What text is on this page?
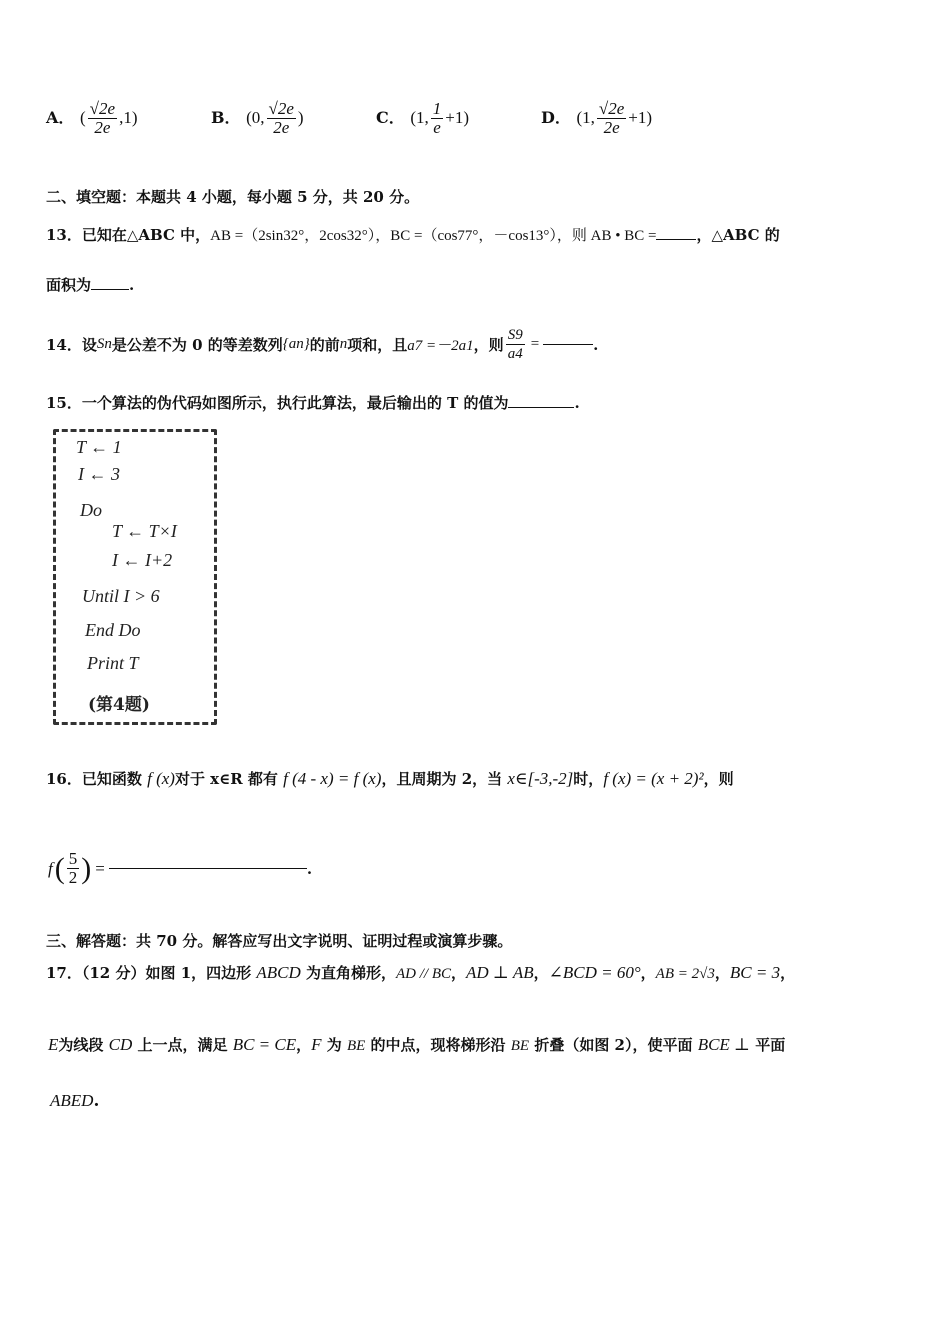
A． ( $\frac{√2e}{2e} ,1$)	B． (0, $\frac{√2e}{2e}$ )	C． (1, $\frac{1}{e} +1$)	D． (1, $\frac{√2e}{2e} +1$)
二、填空题：本题共 4 小题，每小题 5 分，共 20 分。
13．已知在△ABC 中，AB =（2sin32°，2cos32°），BC =（cos77°，－cos13°），则 AB • BC =	，△ABC 的
面积为	.
14．设 Sn 是公差不为 0 的等差数列 {an} 的前 n 项和，且 a7 =－2a1 ，则 $\frac{S9}{a4}$ =	.
15．一个算法的伪代码如图所示，执行此算法，最后输出的 T 的值为	.
T ← 1
I ← 3
Do
T ← T×I
I ← I+2
Until I > 6
End Do
Print T
(第4题)
16．已知函数 f (x)对于 x∈R 都有 f (4 - x) = f (x)，且周期为 2，当 x∈[-3,-2]时，f (x) = (x + 2)²，则
f ( $\frac{5}{2}$ ) =	.
三、解答题：共 70 分。解答应写出文字说明、证明过程或演算步骤。
17．（12 分）如图 1，四边形 ABCD 为直角梯形，AD // BC，AD ⊥ AB，∠BCD = 60°，AB = 2√3，BC = 3，
E为线段 CD 上一点，满足 BC = CE，F 为 BE 的中点，现将梯形沿 BE 折叠（如图 2），使平面 BCE ⊥ 平面
ABED.
